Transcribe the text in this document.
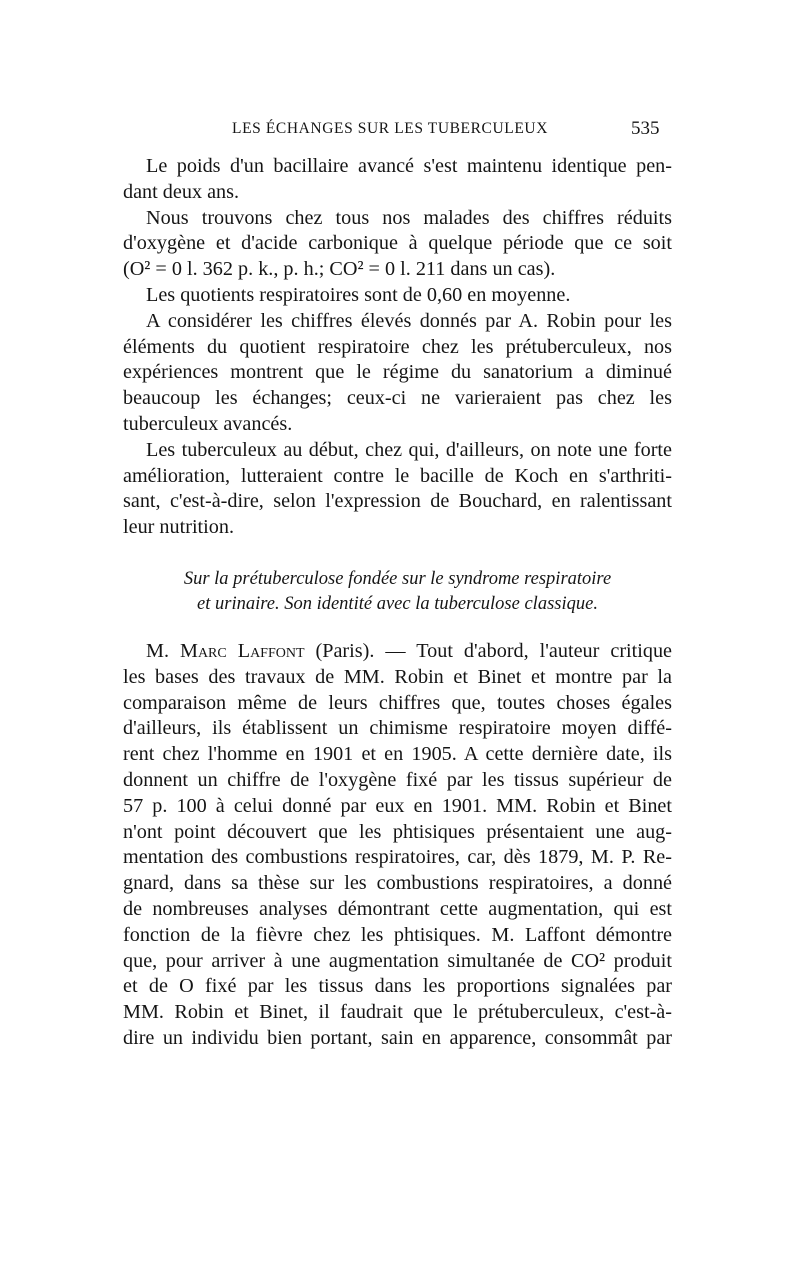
LES ÉCHANGES SUR LES TUBERCULEUX	535

Le poids d'un bacillaire avancé s'est maintenu identique pen-
dant deux ans.

Nous trouvons chez tous nos malades des chiffres réduits
d'oxygène et d'acide carbonique à quelque période que ce soit
(O² = 0 l. 362 p. k., p. h.; CO² = 0 l. 211 dans un cas).

Les quotients respiratoires sont de 0,60 en moyenne.

A considérer les chiffres élevés donnés par A. Robin pour les
éléments du quotient respiratoire chez les prétuberculeux, nos
expériences montrent que le régime du sanatorium a diminué
beaucoup les échanges; ceux-ci ne varieraient pas chez les
tuberculeux avancés.

Les tuberculeux au début, chez qui, d'ailleurs, on note une forte
amélioration, lutteraient contre le bacille de Koch en s'arthriti-
sant, c'est-à-dire, selon l'expression de Bouchard, en ralentissant
leur nutrition.

Sur la prétuberculose fondée sur le syndrome respiratoire
et urinaire. Son identité avec la tuberculose classique.

M. Marc Laffont (Paris). — Tout d'abord, l'auteur critique
les bases des travaux de MM. Robin et Binet et montre par la
comparaison même de leurs chiffres que, toutes choses égales
d'ailleurs, ils établissent un chimisme respiratoire moyen diffé-
rent chez l'homme en 1901 et en 1905. A cette dernière date, ils
donnent un chiffre de l'oxygène fixé par les tissus supérieur de
57 p. 100 à celui donné par eux en 1901. MM. Robin et Binet
n'ont point découvert que les phtisiques présentaient une aug-
mentation des combustions respiratoires, car, dès 1879, M. P. Re-
gnard, dans sa thèse sur les combustions respiratoires, a donné
de nombreuses analyses démontrant cette augmentation, qui est
fonction de la fièvre chez les phtisiques. M. Laffont démontre
que, pour arriver à une augmentation simultanée de CO² produit
et de O fixé par les tissus dans les proportions signalées par
MM. Robin et Binet, il faudrait que le prétuberculeux, c'est-à-
dire un individu bien portant, sain en apparence, consommât par
